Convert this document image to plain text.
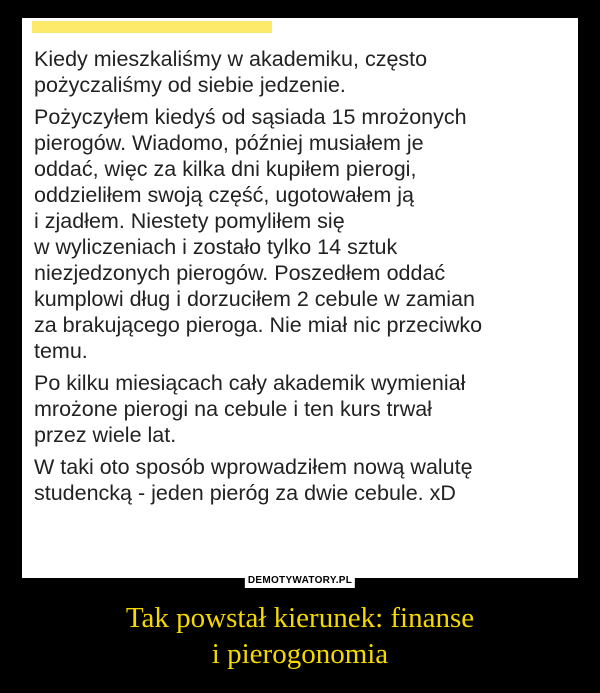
Kiedy mieszkaliśmy w akademiku, często
pożyczaliśmy od siebie jedzenie.

Pożyczyłem kiedyś od sąsiada 15 mrożonych
pierogów. Wiadomo, później musiałem je
oddać, więc za kilka dni kupiłem pierogi,
oddzieliłem swoją część, ugotowałem ją
i zjadłem. Niestety pomyliłem się
w wyliczeniach i zostało tylko 14 sztuk
niezjedzonych pierogów. Poszedłem oddać
kumplowi dług i dorzuciłem 2 cebule w zamian
za brakującego pieroga. Nie miał nic przeciwko
temu.

Po kilku miesiącach cały akademik wymieniał
mrożone pierogi na cebule i ten kurs trwał
przez wiele lat.

W taki oto sposób wprowadziłem nową walutę
studencką - jeden pieróg za dwie cebule. xD

DEMOTYWATORY.PL
Tak powstał kierunek: finanse
i pierogonomia
